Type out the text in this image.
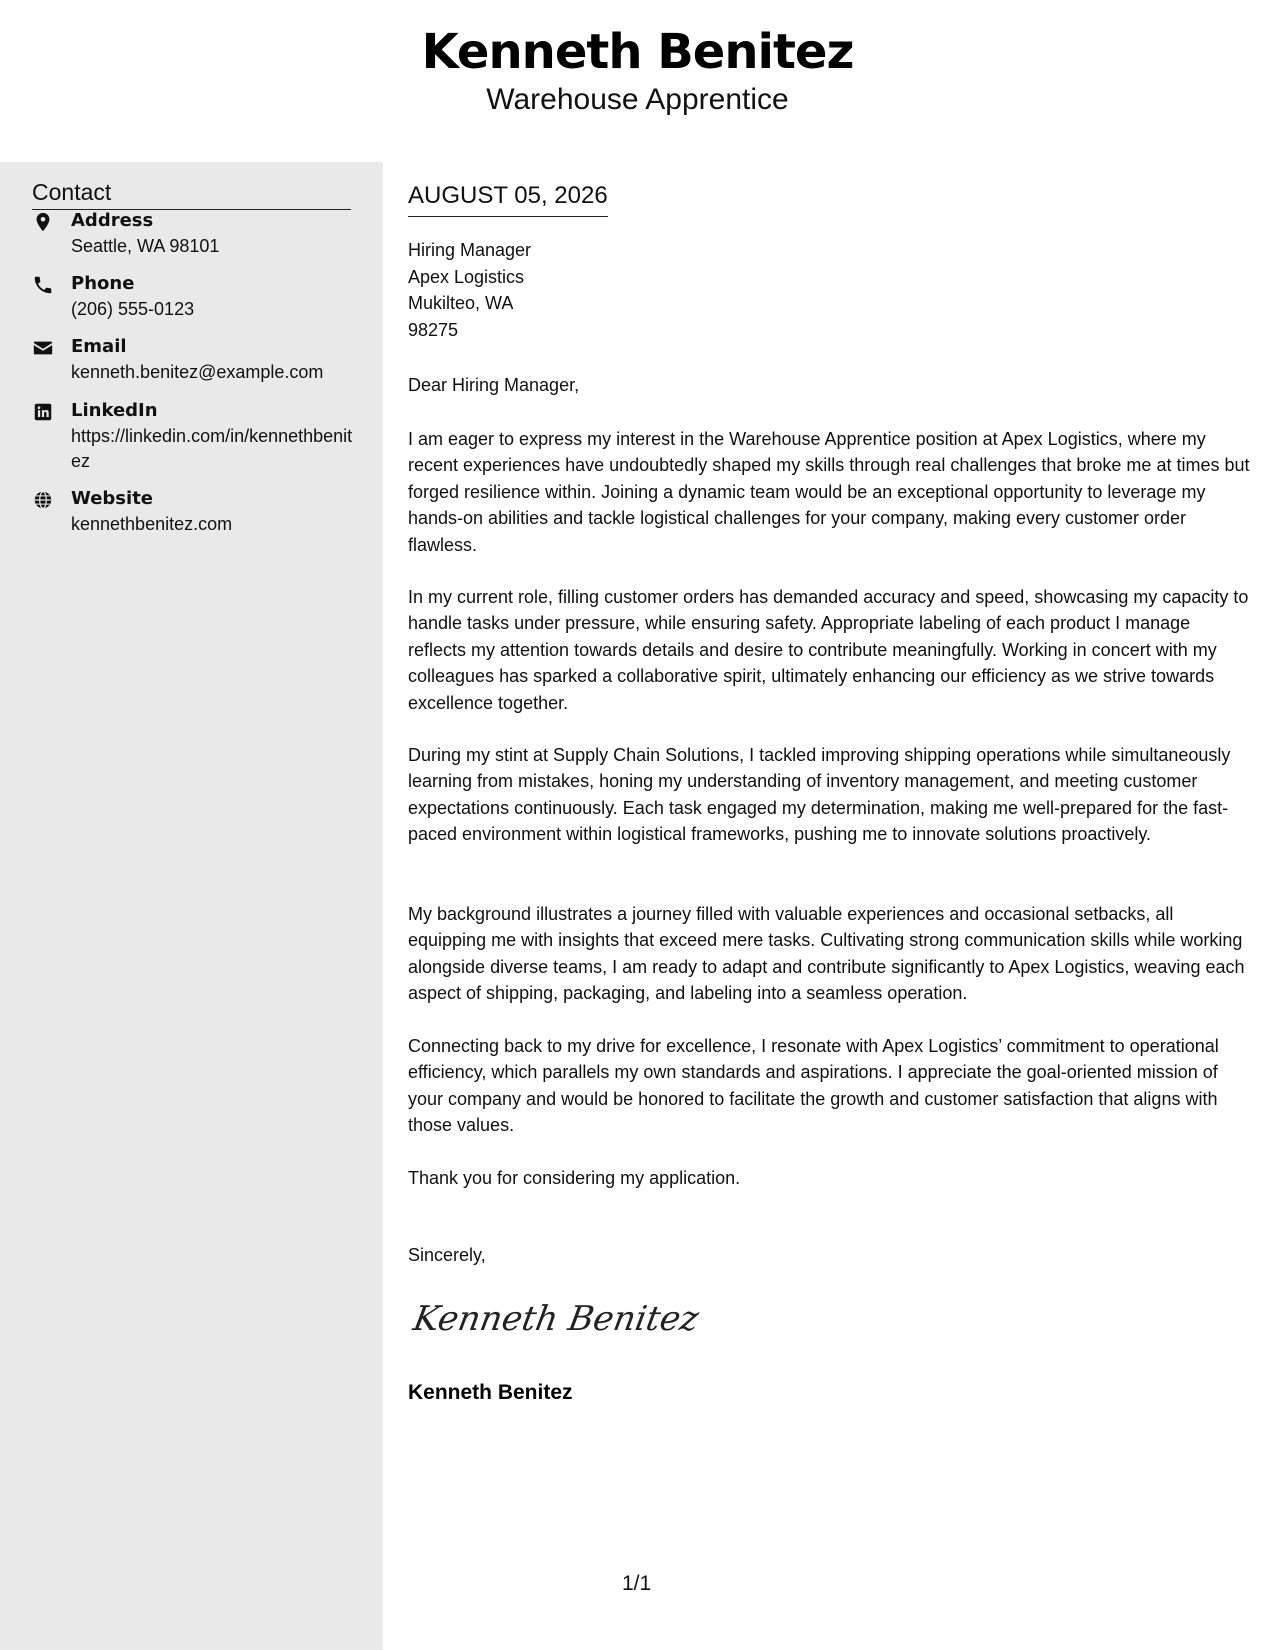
Kenneth Benitez
Warehouse Apprentice
Contact
Address
Seattle, WA 98101
Phone
(206) 555-0123
Email
kenneth.benitez@example.com
LinkedIn
https://linkedin.com/in/kennethbenitez
Website
kennethbenitez.com
AUGUST 05, 2026
Hiring Manager
Apex Logistics
Mukilteo, WA
98275
Dear Hiring Manager,
I am eager to express my interest in the Warehouse Apprentice position at Apex Logistics, where my recent experiences have undoubtedly shaped my skills through real challenges that broke me at times but forged resilience within. Joining a dynamic team would be an exceptional opportunity to leverage my hands-on abilities and tackle logistical challenges for your company, making every customer order flawless.
In my current role, filling customer orders has demanded accuracy and speed, showcasing my capacity to handle tasks under pressure, while ensuring safety. Appropriate labeling of each product I manage reflects my attention towards details and desire to contribute meaningfully. Working in concert with my colleagues has sparked a collaborative spirit, ultimately enhancing our efficiency as we strive towards excellence together.
During my stint at Supply Chain Solutions, I tackled improving shipping operations while simultaneously learning from mistakes, honing my understanding of inventory management, and meeting customer expectations continuously. Each task engaged my determination, making me well-prepared for the fast-paced environment within logistical frameworks, pushing me to innovate solutions proactively.
My background illustrates a journey filled with valuable experiences and occasional setbacks, all equipping me with insights that exceed mere tasks. Cultivating strong communication skills while working alongside diverse teams, I am ready to adapt and contribute significantly to Apex Logistics, weaving each aspect of shipping, packaging, and labeling into a seamless operation.
Connecting back to my drive for excellence, I resonate with Apex Logistics’ commitment to operational efficiency, which parallels my own standards and aspirations. I appreciate the goal-oriented mission of your company and would be honored to facilitate the growth and customer satisfaction that aligns with those values.
Thank you for considering my application.
Sincerely,
Kenneth Benitez
Kenneth Benitez
1/1
